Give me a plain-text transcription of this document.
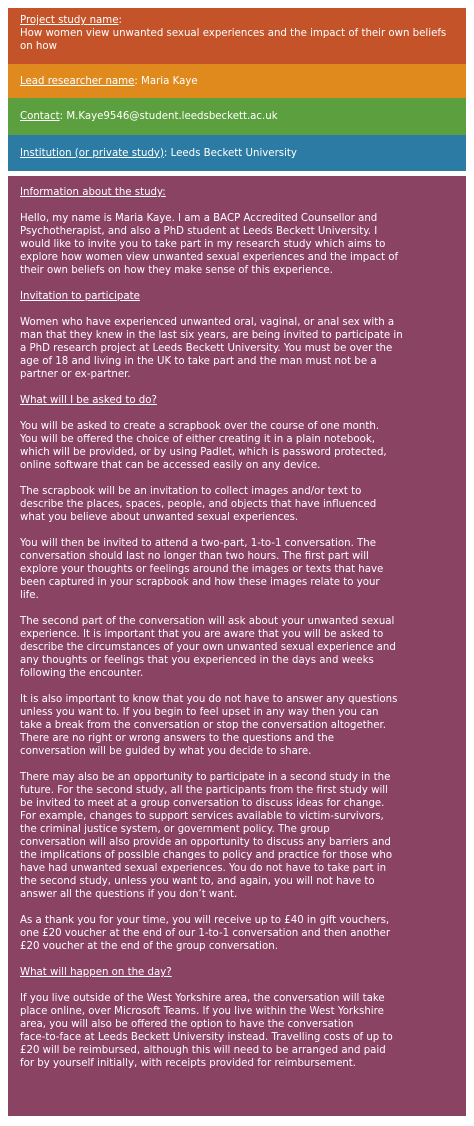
Project study name:
How women view unwanted sexual experiences and the impact of their own beliefs on how
Lead researcher name: Maria Kaye
Contact: M.Kaye9546@student.leedsbeckett.ac.uk
Institution (or private study): Leeds Beckett University

Information about the study:

Hello, my name is Maria Kaye. I am a BACP Accredited Counsellor and
Psychotherapist, and also a PhD student at Leeds Beckett University. I
would like to invite you to take part in my research study which aims to
explore how women view unwanted sexual experiences and the impact of
their own beliefs on how they make sense of this experience.

Invitation to participate

Women who have experienced unwanted oral, vaginal, or anal sex with a
man that they knew in the last six years, are being invited to participate in
a PhD research project at Leeds Beckett University. You must be over the
age of 18 and living in the UK to take part and the man must not be a
partner or ex-partner.

What will I be asked to do?

You will be asked to create a scrapbook over the course of one month.
You will be offered the choice of either creating it in a plain notebook,
which will be provided, or by using Padlet, which is password protected,
online software that can be accessed easily on any device.

The scrapbook will be an invitation to collect images and/or text to
describe the places, spaces, people, and objects that have influenced
what you believe about unwanted sexual experiences.

You will then be invited to attend a two-part, 1-to-1 conversation. The
conversation should last no longer than two hours. The first part will
explore your thoughts or feelings around the images or texts that have
been captured in your scrapbook and how these images relate to your
life.

The second part of the conversation will ask about your unwanted sexual
experience. It is important that you are aware that you will be asked to
describe the circumstances of your own unwanted sexual experience and
any thoughts or feelings that you experienced in the days and weeks
following the encounter.

It is also important to know that you do not have to answer any questions
unless you want to. If you begin to feel upset in any way then you can
take a break from the conversation or stop the conversation altogether.
There are no right or wrong answers to the questions and the
conversation will be guided by what you decide to share.

There may also be an opportunity to participate in a second study in the
future. For the second study, all the participants from the first study will
be invited to meet at a group conversation to discuss ideas for change.
For example, changes to support services available to victim-survivors,
the criminal justice system, or government policy. The group
conversation will also provide an opportunity to discuss any barriers and
the implications of possible changes to policy and practice for those who
have had unwanted sexual experiences. You do not have to take part in
the second study, unless you want to, and again, you will not have to
answer all the questions if you don’t want.

As a thank you for your time, you will receive up to £40 in gift vouchers,
one £20 voucher at the end of our 1-to-1 conversation and then another
£20 voucher at the end of the group conversation.

What will happen on the day?

If you live outside of the West Yorkshire area, the conversation will take
place online, over Microsoft Teams. If you live within the West Yorkshire
area, you will also be offered the option to have the conversation
face-to-face at Leeds Beckett University instead. Travelling costs of up to
£20 will be reimbursed, although this will need to be arranged and paid
for by yourself initially, with receipts provided for reimbursement.
